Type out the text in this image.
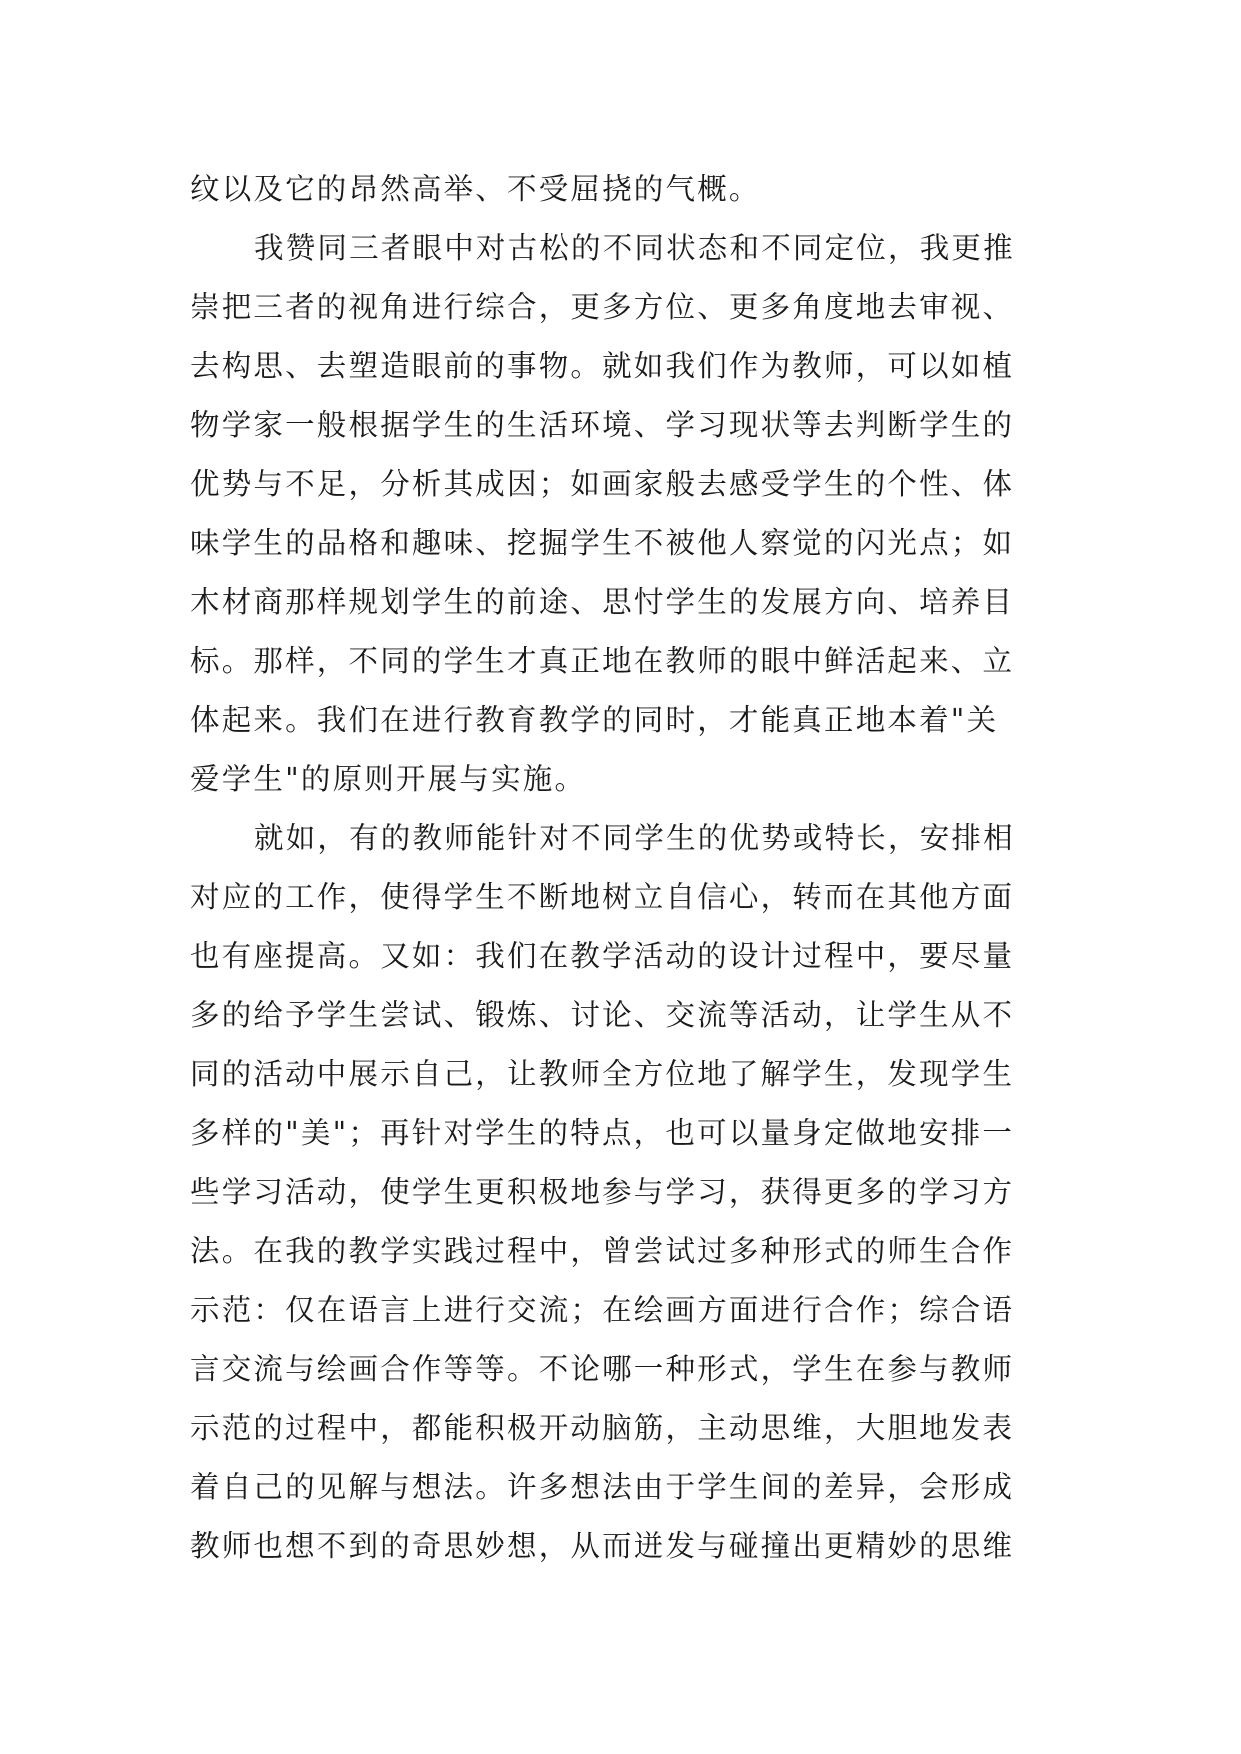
纹以及它的昂然高举、不受屈挠的气概。
我赞同三者眼中对古松的不同状态和不同定位，我更推
崇把三者的视角进行综合，更多方位、更多角度地去审视、
去构思、去塑造眼前的事物。就如我们作为教师，可以如植
物学家一般根据学生的生活环境、学习现状等去判断学生的
优势与不足，分析其成因；如画家般去感受学生的个性、体
味学生的品格和趣味、挖掘学生不被他人察觉的闪光点；如
木材商那样规划学生的前途、思忖学生的发展方向、培养目
标。那样，不同的学生才真正地在教师的眼中鲜活起来、立
体起来。我们在进行教育教学的同时，才能真正地本着"关
爱学生"的原则开展与实施。
就如，有的教师能针对不同学生的优势或特长，安排相
对应的工作，使得学生不断地树立自信心，转而在其他方面
也有座提高。又如：我们在教学活动的设计过程中，要尽量
多的给予学生尝试、锻炼、讨论、交流等活动，让学生从不
同的活动中展示自己，让教师全方位地了解学生，发现学生
多样的"美"；再针对学生的特点，也可以量身定做地安排一
些学习活动，使学生更积极地参与学习，获得更多的学习方
法。在我的教学实践过程中，曾尝试过多种形式的师生合作
示范：仅在语言上进行交流；在绘画方面进行合作；综合语
言交流与绘画合作等等。不论哪一种形式，学生在参与教师
示范的过程中，都能积极开动脑筋，主动思维，大胆地发表
着自己的见解与想法。许多想法由于学生间的差异，会形成
教师也想不到的奇思妙想，从而迸发与碰撞出更精妙的思维
